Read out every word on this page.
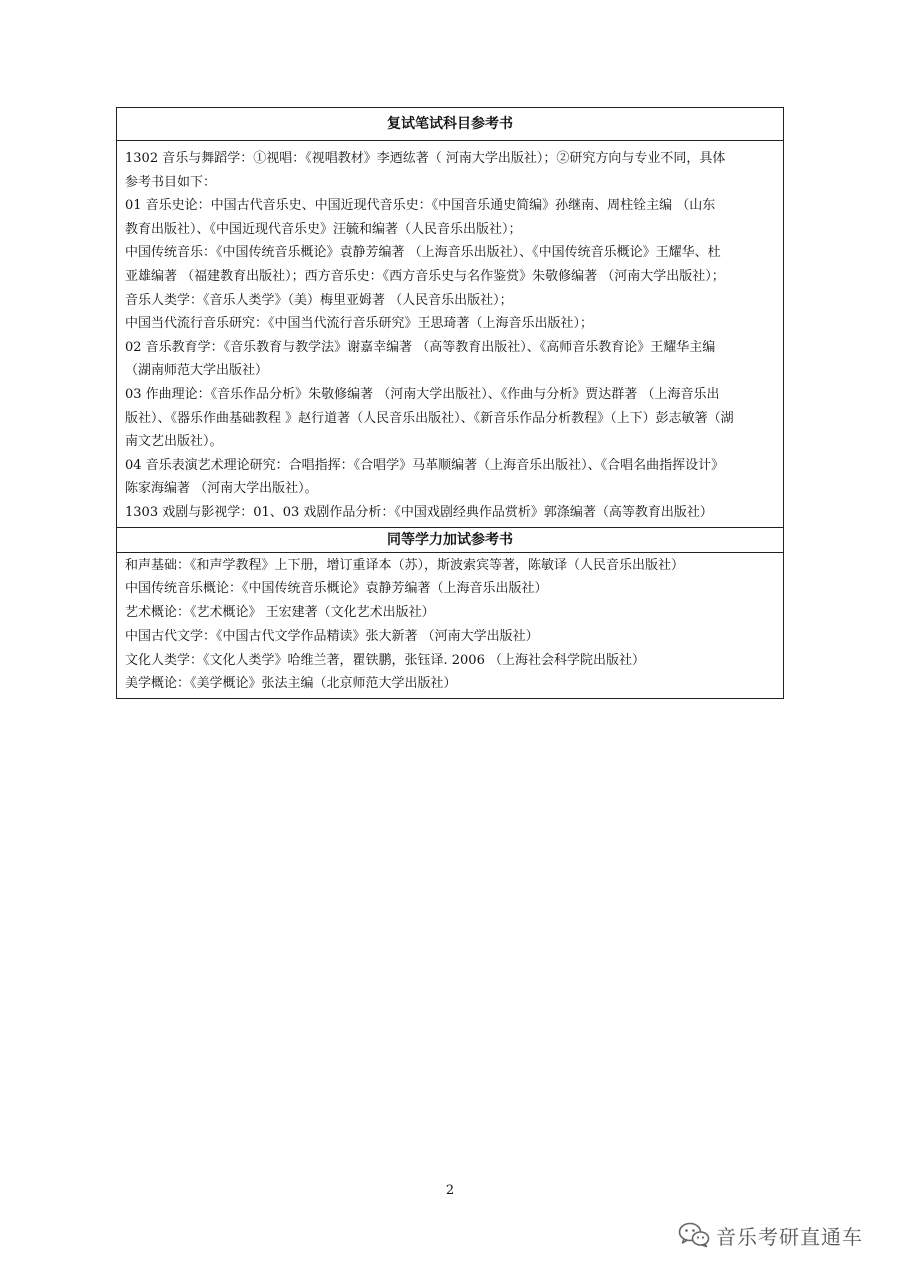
复试笔试科目参考书
1302 音乐与舞蹈学：①视唱：《视唱教材》李迺纮著（ 河南大学出版社）；②研究方向与专业不同，具体
参考书目如下：
01 音乐史论：中国古代音乐史、中国近现代音乐史：《中国音乐通史简编》孙继南、周柱铨主编 （山东
教育出版社）、《中国近现代音乐史》汪毓和编著（人民音乐出版社）；
中国传统音乐：《中国传统音乐概论》袁静芳编著 （上海音乐出版社）、《中国传统音乐概论》王耀华、杜
亚雄编著 （福建教育出版社）；西方音乐史：《西方音乐史与名作鉴赏》朱敬修编著 （河南大学出版社）；
音乐人类学：《音乐人类学》（美）梅里亚姆著 （人民音乐出版社）；
中国当代流行音乐研究：《中国当代流行音乐研究》王思琦著（上海音乐出版社）；
02 音乐教育学：《音乐教育与教学法》谢嘉幸编著 （高等教育出版社）、《高师音乐教育论》王耀华主编
（湖南师范大学出版社）
03 作曲理论：《音乐作品分析》朱敬修编著 （河南大学出版社）、《作曲与分析》贾达群著 （上海音乐出
版社）、《器乐作曲基础教程 》赵行道著（人民音乐出版社）、《新音乐作品分析教程》（上下）彭志敏箸（湖
南文艺出版社）。
04 音乐表演艺术理论研究：合唱指挥：《合唱学》马革顺编著（上海音乐出版社）、《合唱名曲指挥设计》
陈家海编著 （河南大学出版社）。
1303 戏剧与影视学：01、03 戏剧作品分析：《中国戏剧经典作品赏析》郭涤编著（高等教育出版社）
同等学力加试参考书
和声基础：《和声学教程》上下册，增订重译本（苏），斯波索宾等著，陈敏译（人民音乐出版社）
中国传统音乐概论：《中国传统音乐概论》袁静芳编著（上海音乐出版社）
艺术概论：《艺术概论》 王宏建著（文化艺术出版社）
中国古代文学：《中国古代文学作品精读》张大新著 （河南大学出版社）
文化人类学：《文化人类学》哈维兰著，瞿铁鹏，张钰译. 2006 （上海社会科学院出版社）
美学概论：《美学概论》张法主编（北京师范大学出版社）
2
音乐考研直通车
